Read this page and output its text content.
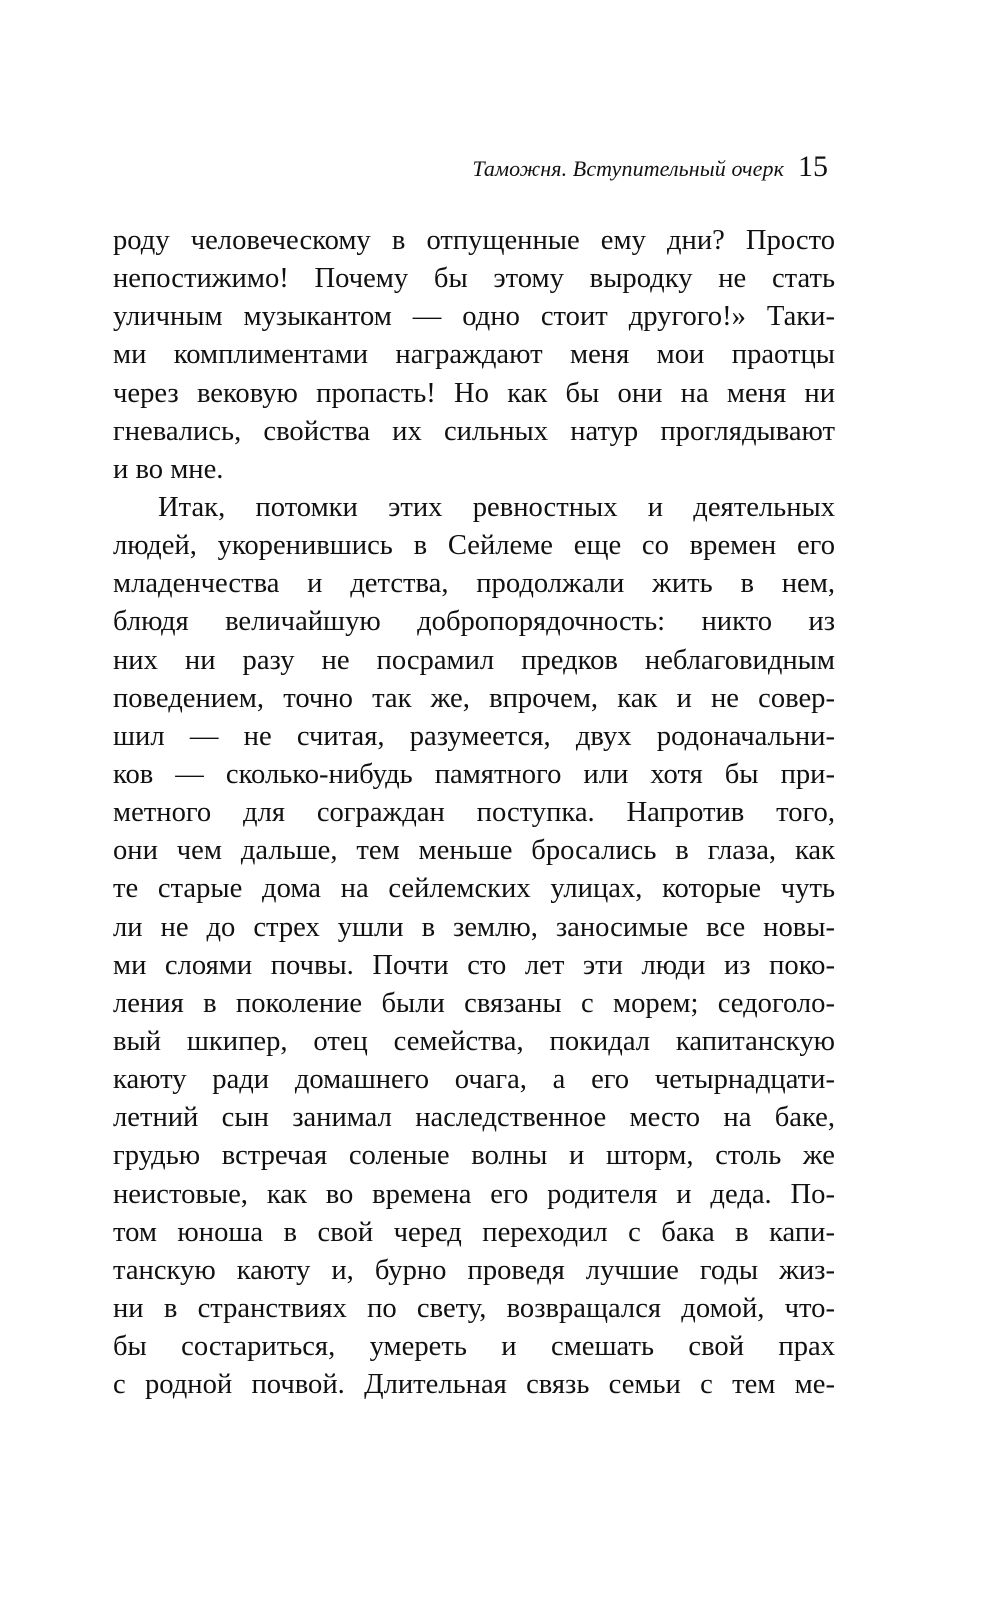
Таможня. Вступительный очерк 15
роду человеческому в отпущенные ему дни? Просто
непостижимо! Почему бы этому выродку не стать
уличным музыкантом — одно стоит другого!» Таки-
ми комплиментами награждают меня мои праотцы
через вековую пропасть! Но как бы они на меня ни
гневались, свойства их сильных натур проглядывают
и во мне.
Итак, потомки этих ревностных и деятельных
людей, укоренившись в Сейлеме еще со времен его
младенчества и детства, продолжали жить в нем,
блюдя величайшую добропорядочность: никто из
них ни разу не посрамил предков неблаговидным
поведением, точно так же, впрочем, как и не совер-
шил — не считая, разумеется, двух родоначальни-
ков — сколько-нибудь памятного или хотя бы при-
метного для сограждан поступка. Напротив того,
они чем дальше, тем меньше бросались в глаза, как
те старые дома на сейлемских улицах, которые чуть
ли не до стрех ушли в землю, заносимые все новы-
ми слоями почвы. Почти сто лет эти люди из поко-
ления в поколение были связаны с морем; седоголо-
вый шкипер, отец семейства, покидал капитанскую
каюту ради домашнего очага, а его четырнадцати-
летний сын занимал наследственное место на баке,
грудью встречая соленые волны и шторм, столь же
неистовые, как во времена его родителя и деда. По-
том юноша в свой черед переходил с бака в капи-
танскую каюту и, бурно проведя лучшие годы жиз-
ни в странствиях по свету, возвращался домой, что-
бы состариться, умереть и смешать свой прах
с родной почвой. Длительная связь семьи с тем ме-
